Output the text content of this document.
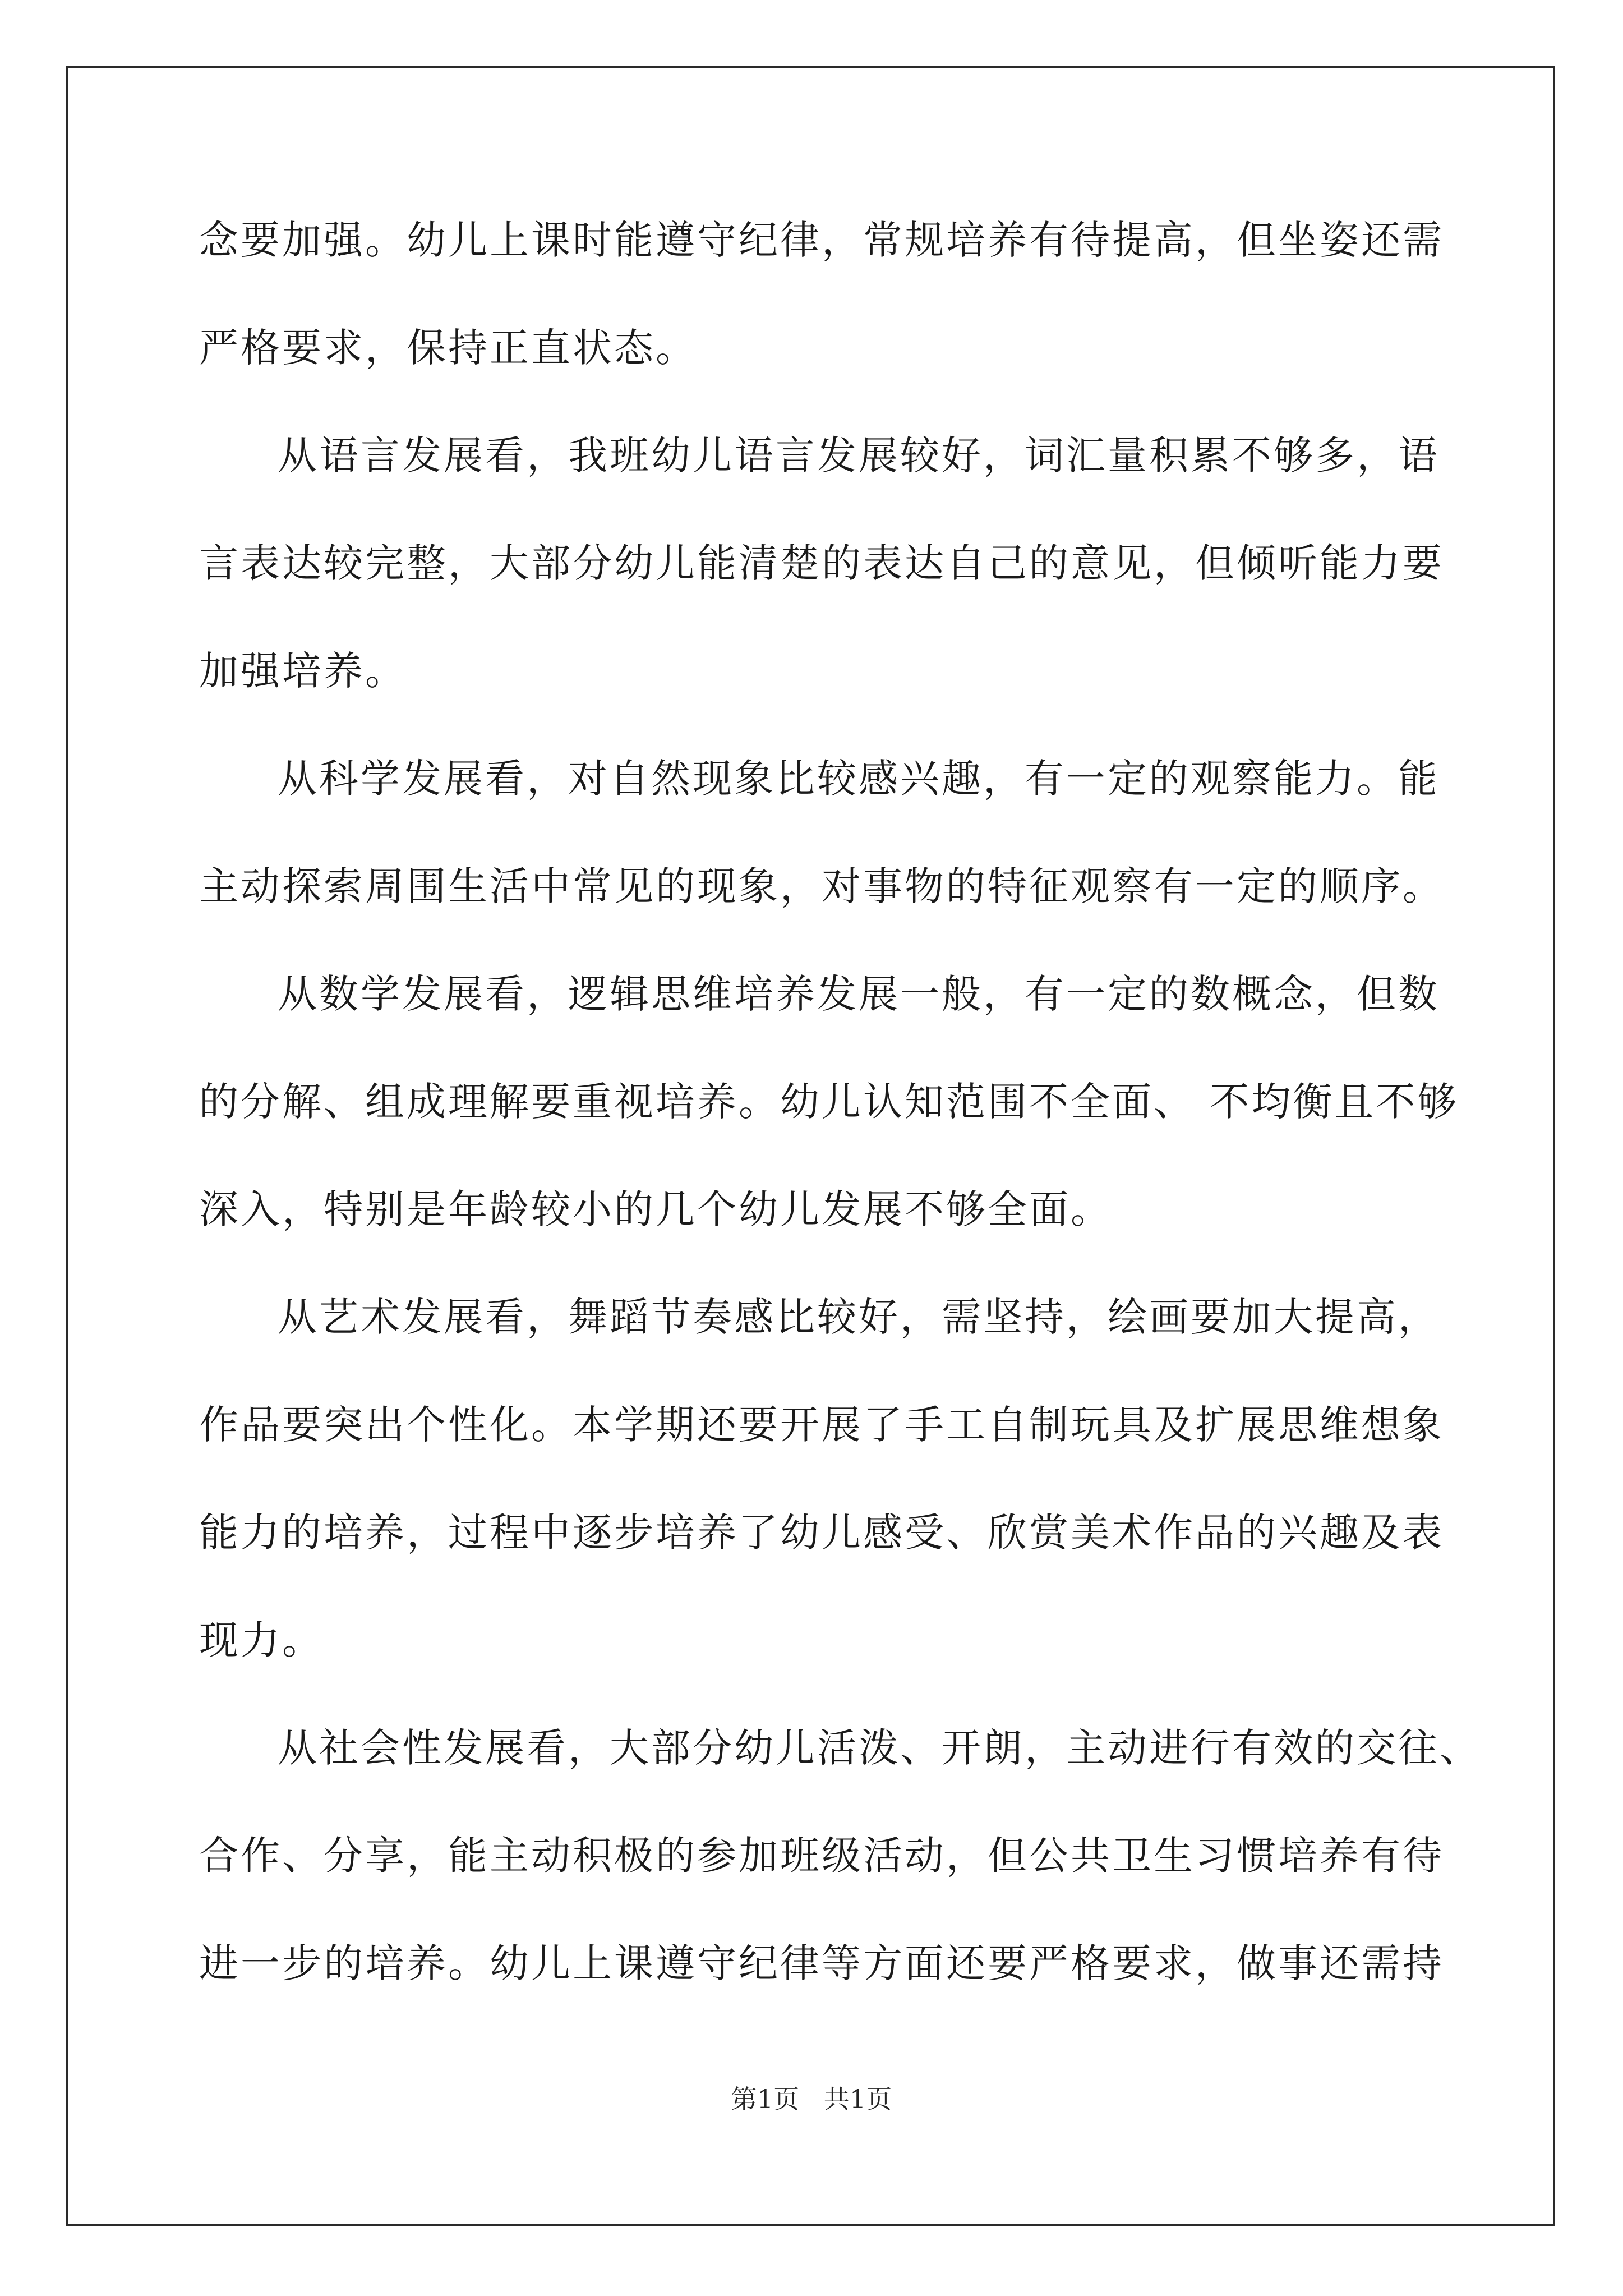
念要加强。幼儿上课时能遵守纪律，常规培养有待提高，但坐姿还需
严格要求，保持正直状态。
从语言发展看，我班幼儿语言发展较好，词汇量积累不够多，语
言表达较完整，大部分幼儿能清楚的表达自己的意见，但倾听能力要
加强培养。
从科学发展看，对自然现象比较感兴趣，有一定的观察能力。能
主动探索周围生活中常见的现象，对事物的特征观察有一定的顺序。
从数学发展看，逻辑思维培养发展一般，有一定的数概念，但数
的分解、组成理解要重视培养。幼儿认知范围不全面、 不均衡且不够
深入，特别是年龄较小的几个幼儿发展不够全面。
从艺术发展看，舞蹈节奏感比较好，需坚持，绘画要加大提高，
作品要突出个性化。本学期还要开展了手工自制玩具及扩展思维想象
能力的培养，过程中逐步培养了幼儿感受、欣赏美术作品的兴趣及表
现力。
从社会性发展看，大部分幼儿活泼、开朗，主动进行有效的交往、
合作、分享，能主动积极的参加班级活动，但公共卫生习惯培养有待
进一步的培养。幼儿上课遵守纪律等方面还要严格要求，做事还需持
第1页   共1页
